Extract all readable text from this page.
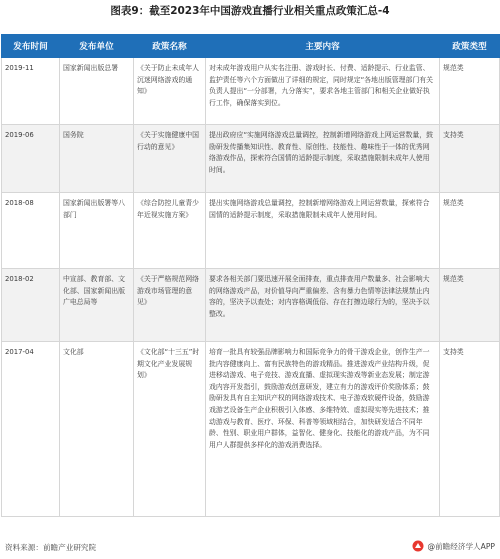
图表9：截至2023年中国游戏直播行业相关重点政策汇总-4
发布时间	发布单位	政策名称	主要内容	政策类型
2019-11	国家新闻出版总署	《关于防止未成年人沉迷网络游戏的通知》	对未成年游戏用户从实名注册、游戏时长、付费、适龄提示、行业监管、监护责任等六个方面做出了详细的规定，同时规定“各地出版管理部门有关负责人提出“一分部署，九分落实”，要求各地主管部门和相关企业做好执行工作，确保落实到位。	规范类
2019-06	国务院	《关于实施健康中国行动的意见》	提出政府应“实施网络游戏总量调控，控制新增网络游戏上网运营数量，鼓励研发传播集知识性、教育性、原创性、技能性、趣味性于一体的优秀网络游戏作品，探索符合国情的适龄提示制度，采取措施限制未成年人使用时间。	支持类
2018-08	国家新闻出版署等八部门	《综合防控儿童青少年近视实施方案》	提出实施网络游戏总量调控，控制新增网络游戏上网运营数量，探索符合国情的适龄提示制度，采取措施限制未成年人使用时间。	规范类
2018-02	中宣部、教育部、文化部、国家新闻出版广电总局等	《关于严格规范网络游戏市场管理的意见》	要求各相关部门要迅速开展全面排查，重点排查用户数量多、社会影响大的网络游戏产品，对价值导向严重偏差、含有暴力色情等法律法规禁止内容的，坚决予以查处；对内容格调低俗、存在打擦边球行为的，坚决予以整改。	规范类
2017-04	文化部	《文化部“十三五”时期文化产业发展规划》	培育一批具有较强品牌影响力和国际竞争力的骨干游戏企业，创作生产一批内容健康向上、富有民族特色的游戏精品。推进游戏产业结构升级，促进移动游戏、电子竞技、游戏直播、虚拟现实游戏等新业态发展；制定游戏内容开发指引，鼓励游戏创意研发，建立有力的游戏评价奖励体系；鼓励研发具有自主知识产权的网络游戏技术、电子游戏软硬件设备，鼓励游戏游艺设备生产企业积极引入体感、多维特效、虚拟现实等先进技术；推动游戏与教育、医疗、环保、科普等领域相结合，加快研发适合不同年龄、性别、职业用户群体，益智化、健身化、技能化的游戏产品，为不同用户人群提供多样化的游戏消费选择。	支持类
资料来源：前瞻产业研究院	@前瞻经济学人APP
